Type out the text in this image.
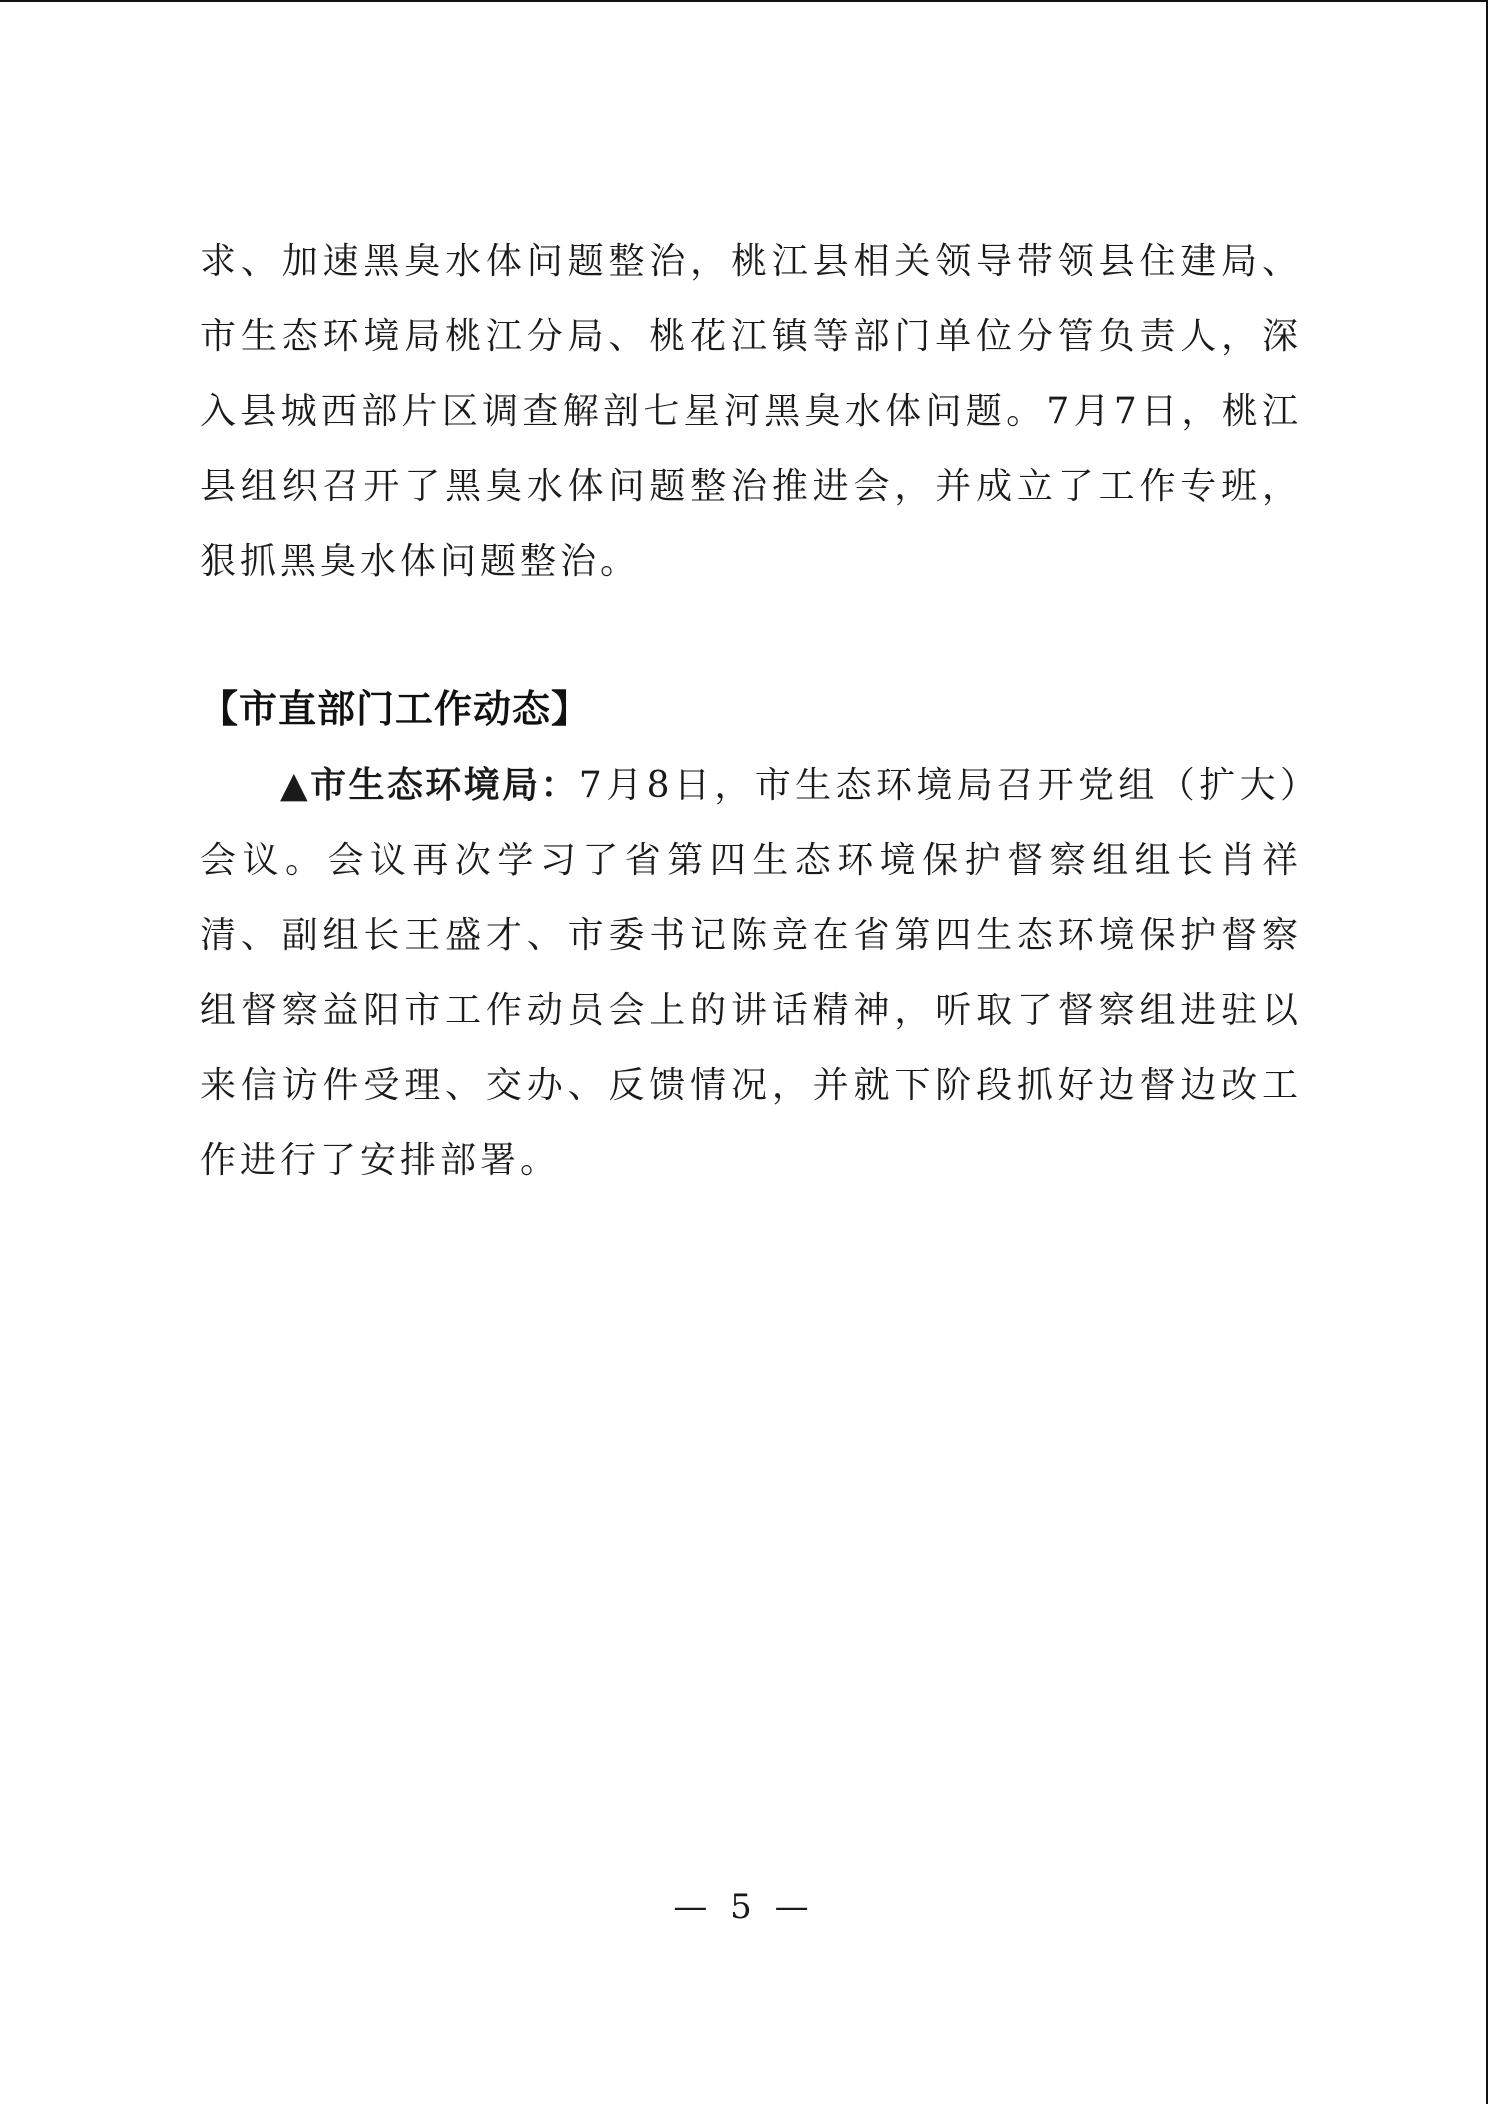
求、加速黑臭水体问题整治，桃江县相关领导带领县住建局、市生态环境局桃江分局、桃花江镇等部门单位分管负责人，深入县城西部片区调查解剖七星河黑臭水体问题。7月7日，桃江县组织召开了黑臭水体问题整治推进会，并成立了工作专班，狠抓黑臭水体问题整治。

【市直部门工作动态】

▲市生态环境局：7月8日，市生态环境局召开党组（扩大）会议。会议再次学习了省第四生态环境保护督察组组长肖祥清、副组长王盛才、市委书记陈竞在省第四生态环境保护督察组督察益阳市工作动员会上的讲话精神，听取了督察组进驻以来信访件受理、交办、反馈情况，并就下阶段抓好边督边改工作进行了安排部署。

— 5 —
